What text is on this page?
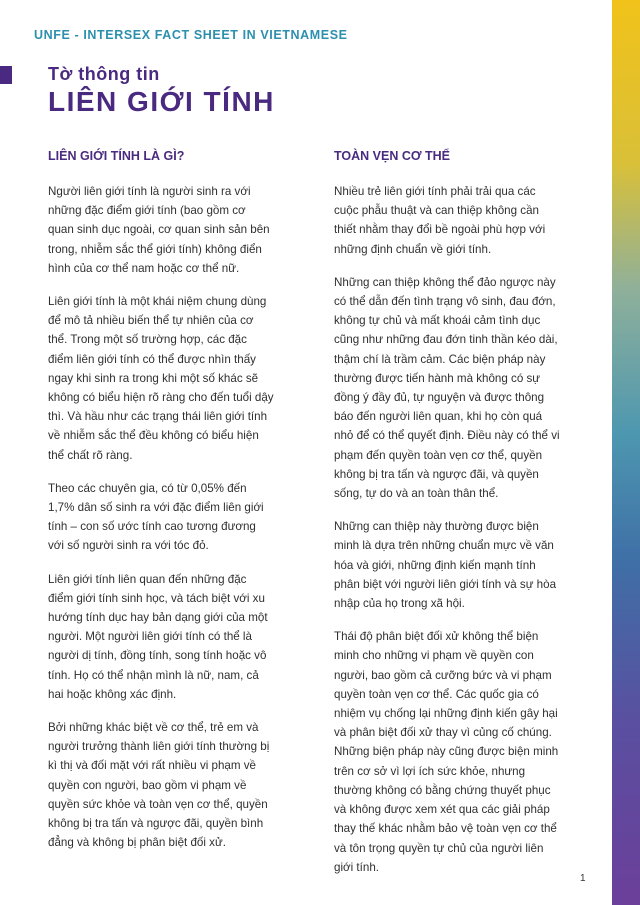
UNFE - INTERSEX FACT SHEET IN VIETNAMESE
Tờ thông tin
LIÊN GIỚI TÍNH
LIÊN GIỚI TÍNH LÀ GÌ?

Người liên giới tính là người sinh ra với những đặc điểm giới tính (bao gồm cơ quan sinh dục ngoài, cơ quan sinh sản bên trong, nhiễm sắc thể giới tính) không điển hình của cơ thể nam hoặc cơ thể nữ.

Liên giới tính là một khái niệm chung dùng để mô tả nhiều biến thể tự nhiên của cơ thể. Trong một số trường hợp, các đặc điểm liên giới tính có thể được nhìn thấy ngay khi sinh ra trong khi một số khác sẽ không có biểu hiện rõ ràng cho đến tuổi dậy thì. Và hầu như các trạng thái liên giới tính về nhiễm sắc thể đều không có biểu hiện thể chất rõ ràng.

Theo các chuyên gia, có từ 0,05% đến 1,7% dân số sinh ra với đặc điểm liên giới tính – con số ước tính cao tương đương với số người sinh ra với tóc đỏ.

Liên giới tính liên quan đến những đặc điểm giới tính sinh học, và tách biệt với xu hướng tính dục hay bản dạng giới của một người. Một người liên giới tính có thể là người dị tính, đồng tính, song tính hoặc vô tính. Họ có thể nhận mình là nữ, nam, cả hai hoặc không xác định.

Bởi những khác biệt về cơ thể, trẻ em và người trưởng thành liên giới tính thường bị kì thị và đối mặt với rất nhiều vi phạm về quyền con người, bao gồm vi phạm về quyền sức khỏe và toàn vẹn cơ thể, quyền không bị tra tấn và ngược đãi, quyền bình đẳng và không bị phân biệt đối xử.

TOÀN VẸN CƠ THỂ

Nhiều trẻ liên giới tính phải trải qua các cuộc phẫu thuật và can thiệp không cần thiết nhằm thay đổi bề ngoài phù hợp với những định chuẩn về giới tính.

Những can thiệp không thể đảo ngược này có thể dẫn đến tình trạng vô sinh, đau đớn, không tự chủ và mất khoái cảm tình dục cũng như những đau đớn tinh thần kéo dài, thậm chí là trầm cảm. Các biện pháp này thường được tiến hành mà không có sự đồng ý đầy đủ, tự nguyện và được thông báo đến người liên quan, khi họ còn quá nhỏ để có thể quyết định. Điều này có thể vi phạm đến quyền toàn vẹn cơ thể, quyền không bị tra tấn và ngược đãi, và quyền sống, tự do và an toàn thân thể.

Những can thiệp này thường được biện minh là dựa trên những chuẩn mực về văn hóa và giới, những định kiến mạnh tính phân biệt với người liên giới tính và sự hòa nhập của họ trong xã hội.

Thái độ phân biệt đối xử không thể biện minh cho những vi phạm về quyền con người, bao gồm cả cưỡng bức và vi phạm quyền toàn vẹn cơ thể. Các quốc gia có nhiệm vụ chống lại những định kiến gây hại và phân biệt đối xử thay vì củng cố chúng. Những biện pháp này cũng được biện minh trên cơ sở vì lợi ích sức khỏe, nhưng thường không có bằng chứng thuyết phục và không được xem xét qua các giải pháp thay thế khác nhằm bảo vệ toàn vẹn cơ thể và tôn trọng quyền tự chủ của người liên giới tính.

1
